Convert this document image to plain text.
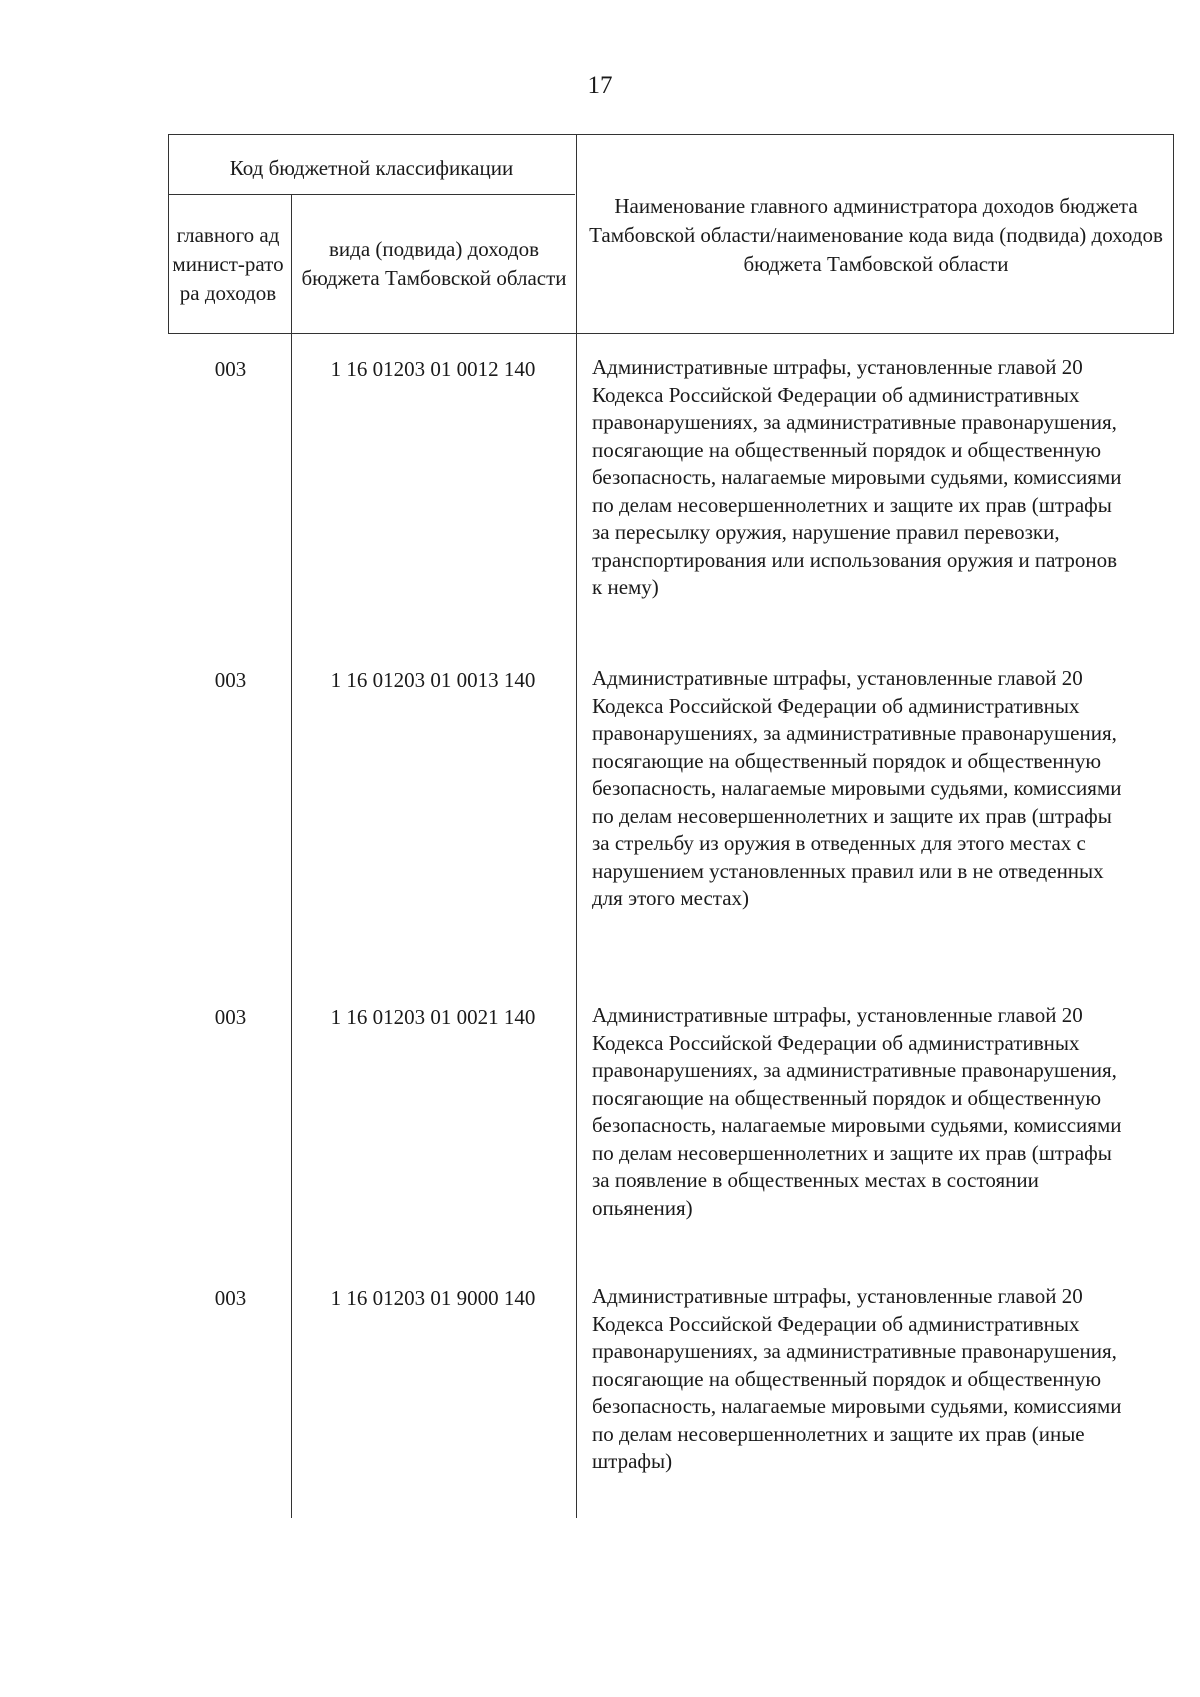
17
Код бюджетной классификации
главного админист-ратора доходов
вида (подвида) доходов бюджета Тамбовской области
Наименование главного администратора доходов бюджета Тамбовской области/наименование кода вида (подвида) доходов бюджета Тамбовской области
003	1 16 01203 01 0012 140	Административные штрафы, установленные главой 20 Кодекса Российской Федерации об административных правонарушениях, за административные правонарушения, посягающие на общественный порядок и общественную безопасность, налагаемые мировыми судьями, комиссиями по делам несовершеннолетних и защите их прав (штрафы за пересылку оружия, нарушение правил перевозки, транспортирования или использования оружия и патронов к нему)
003	1 16 01203 01 0013 140	Административные штрафы, установленные главой 20 Кодекса Российской Федерации об административных правонарушениях, за административные правонарушения, посягающие на общественный порядок и общественную безопасность, налагаемые мировыми судьями, комиссиями по делам несовершеннолетних и защите их прав (штрафы за стрельбу из оружия в отведенных для этого местах с нарушением установленных правил или в не отведенных для этого местах)
003	1 16 01203 01 0021 140	Административные штрафы, установленные главой 20 Кодекса Российской Федерации об административных правонарушениях, за административные правонарушения, посягающие на общественный порядок и общественную безопасность, налагаемые мировыми судьями, комиссиями по делам несовершеннолетних и защите их прав (штрафы за появление в общественных местах в состоянии опьянения)
003	1 16 01203 01 9000 140	Административные штрафы, установленные главой 20 Кодекса Российской Федерации об административных правонарушениях, за административные правонарушения, посягающие на общественный порядок и общественную безопасность, налагаемые мировыми судьями, комиссиями по делам несовершеннолетних и защите их прав (иные штрафы)
